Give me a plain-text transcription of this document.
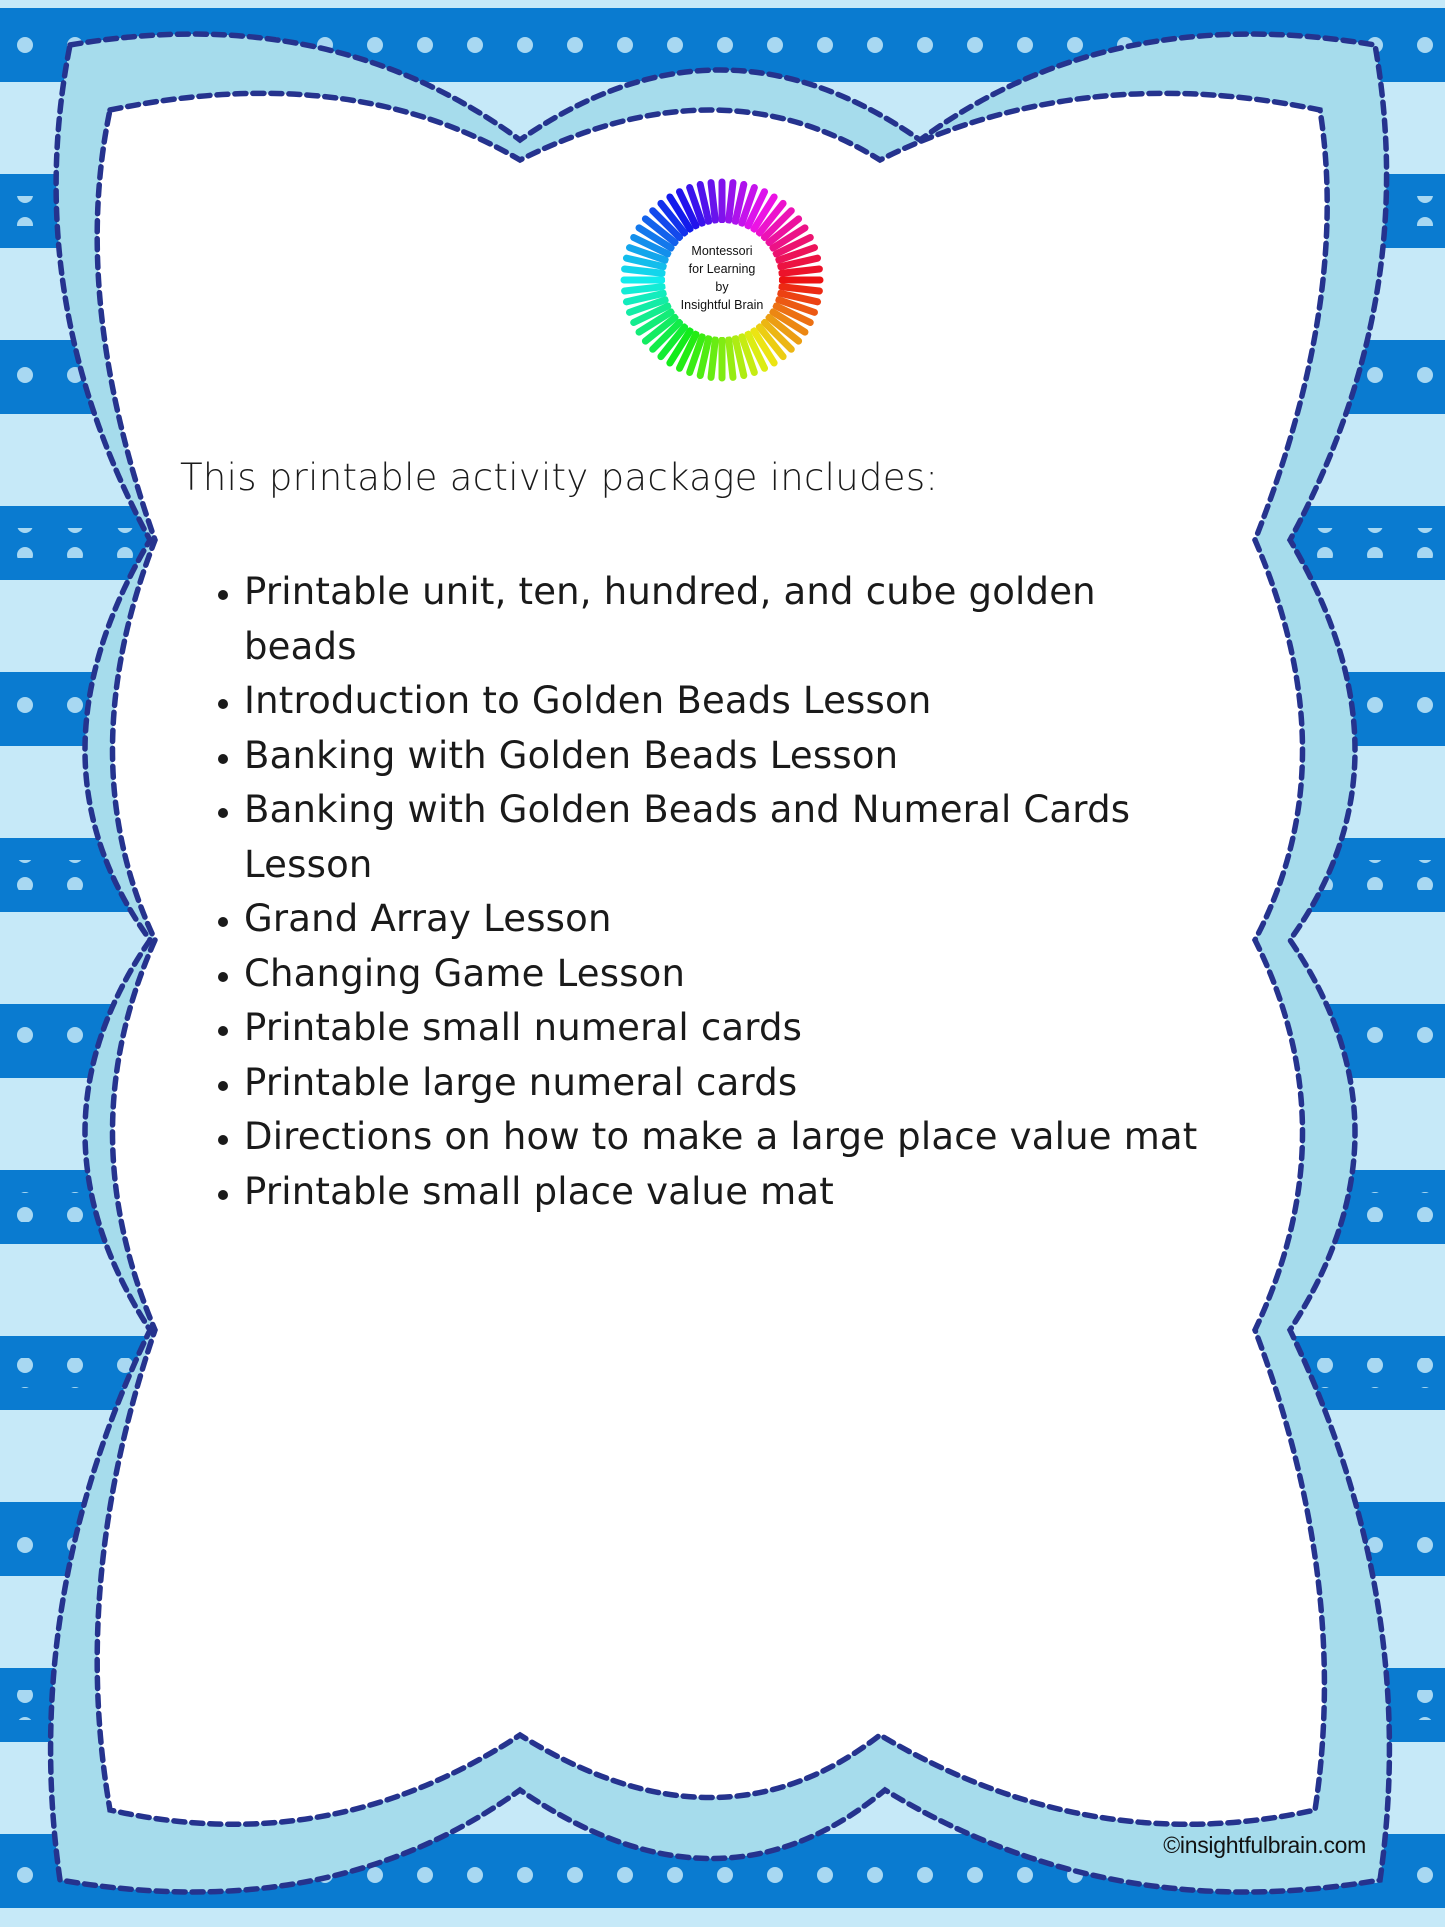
Montessori
for Learning
by
Insightful Brain
This printable activity package includes:
Printable unit, ten, hundred, and cube golden beads
Introduction to Golden Beads Lesson
Banking with Golden Beads Lesson
Banking with Golden Beads and Numeral Cards Lesson
Grand Array Lesson
Changing Game Lesson
Printable small numeral cards
Printable large numeral cards
Directions on how to make a large place value mat
Printable small place value mat
©insightfulbrain.com
